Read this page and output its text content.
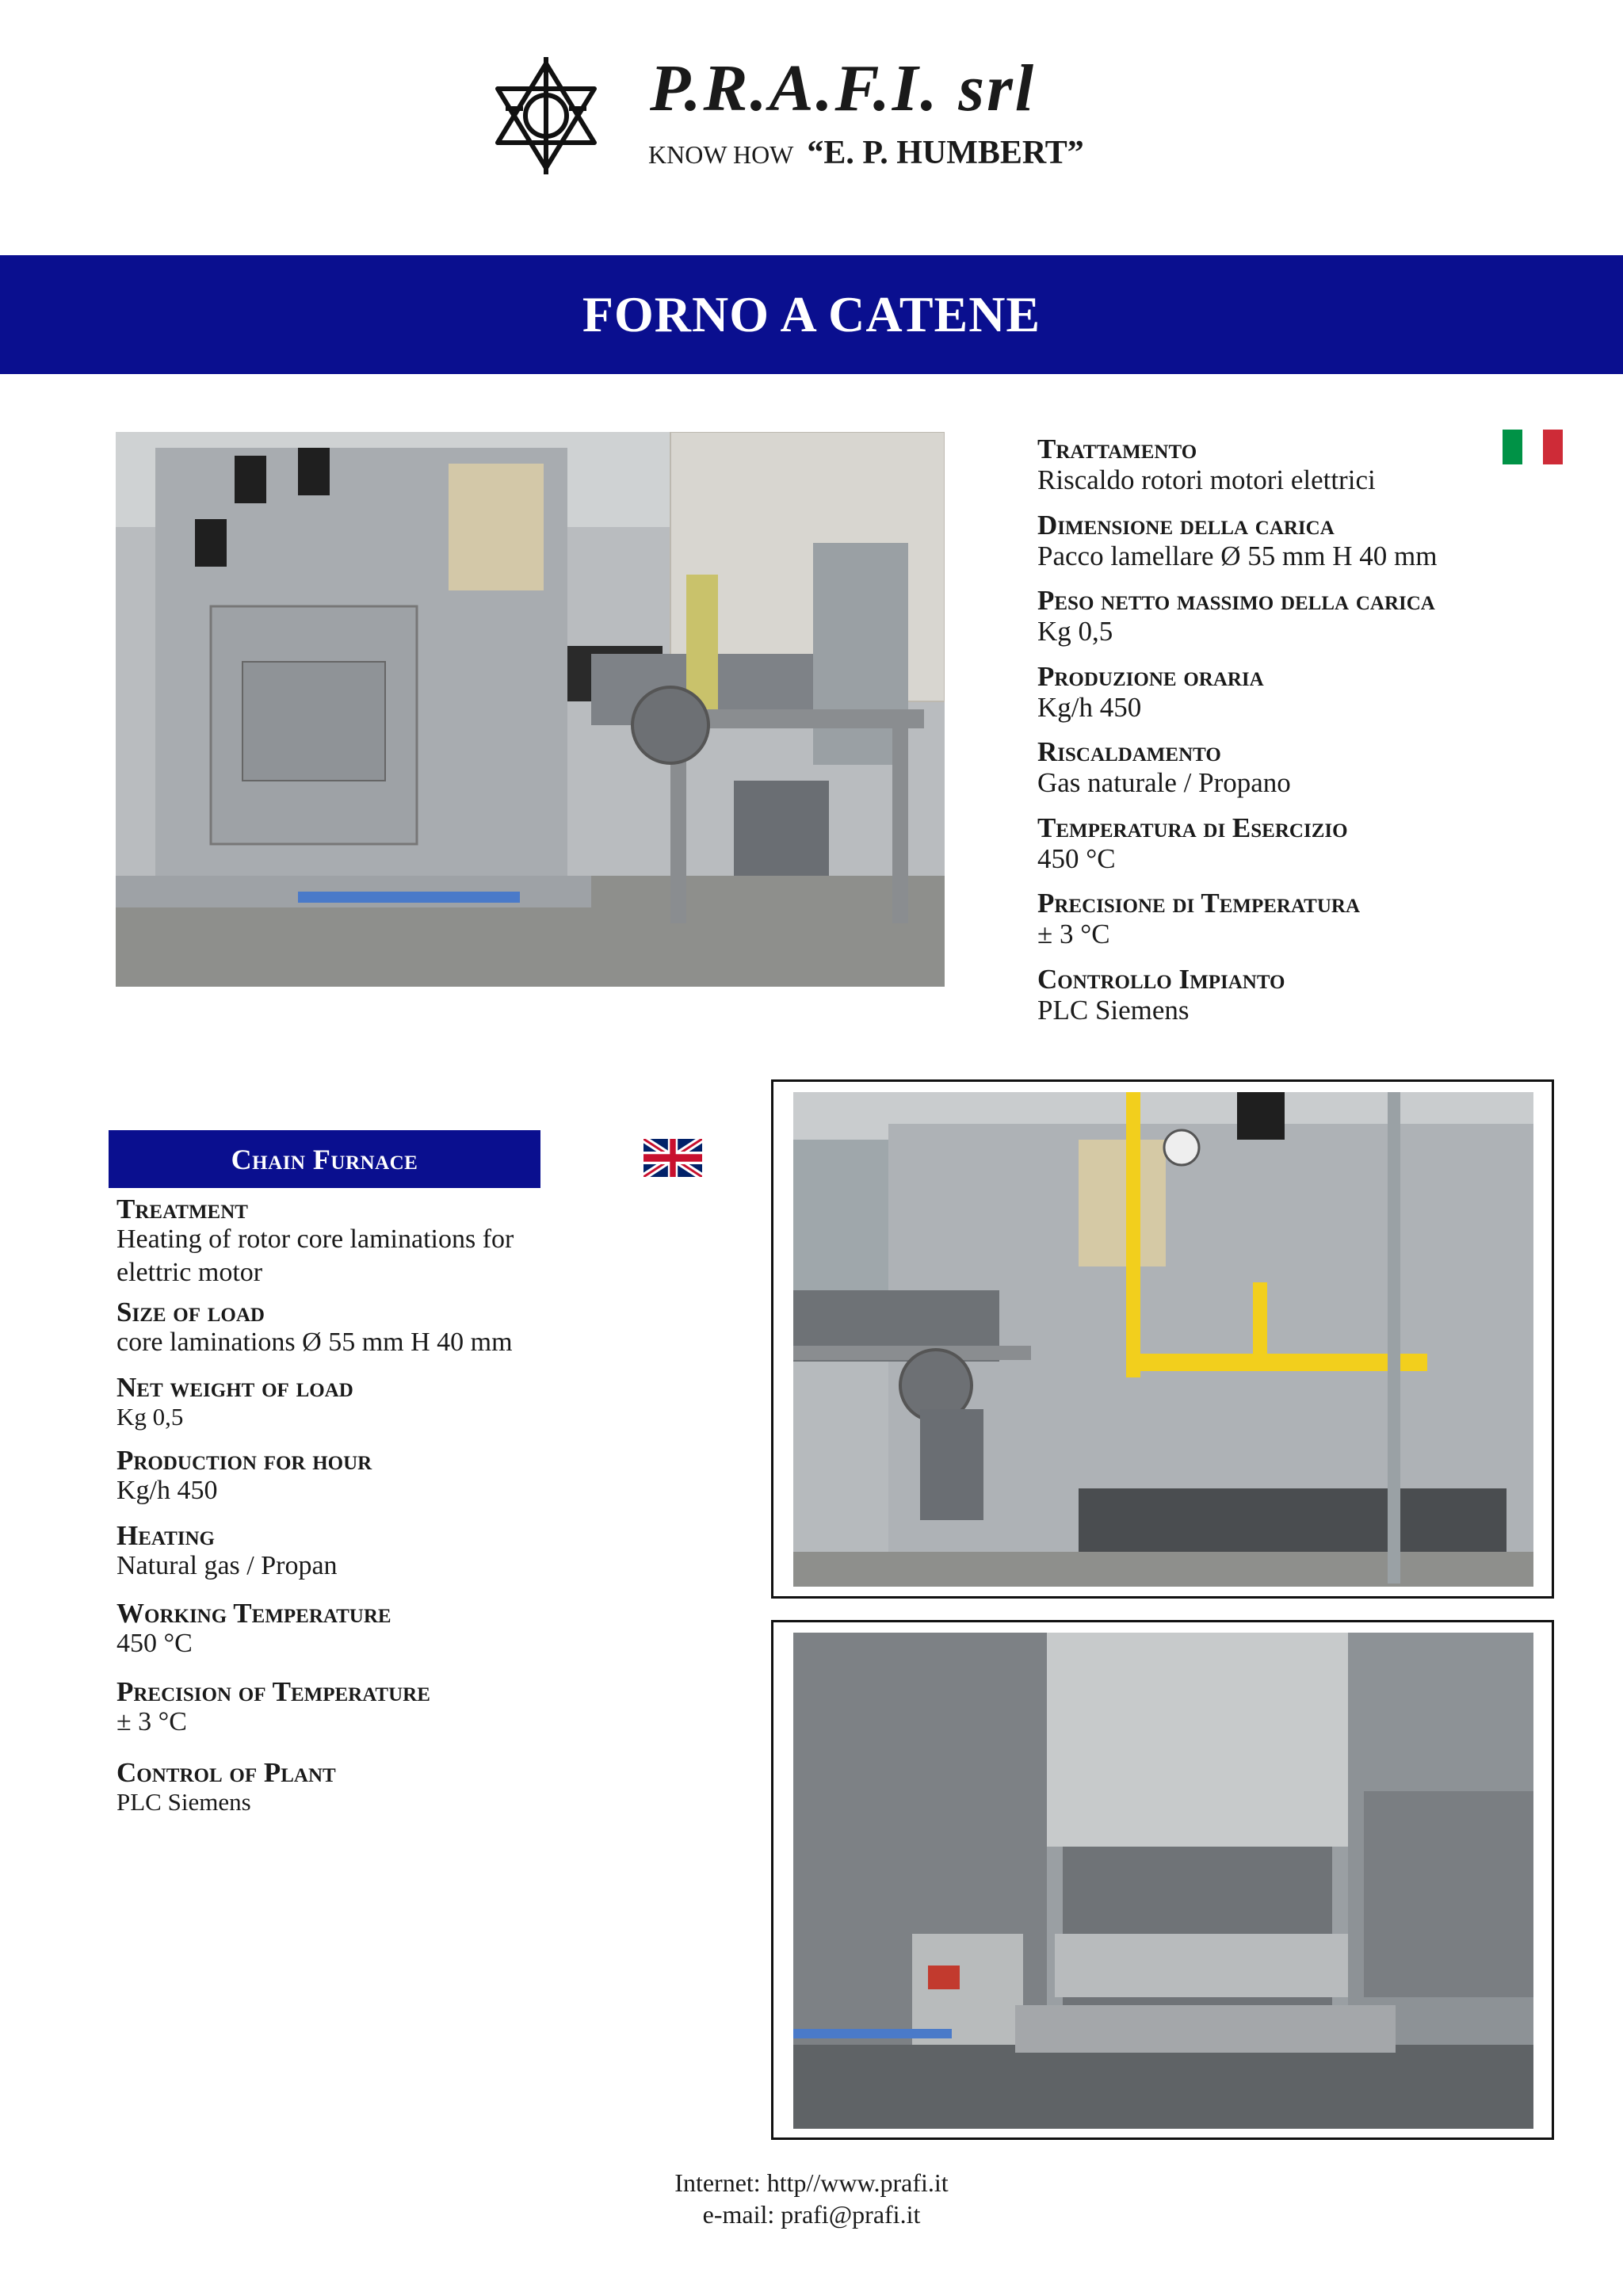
P.R.A.F.I. srl
KNOW HOW “E. P. HUMBERT”
FORNO A CATENE
Trattamento
Riscaldo rotori motori elettrici
Dimensione della carica
Pacco lamellare Ø 55 mm H 40 mm
Peso netto massimo della carica
Kg 0,5
Produzione oraria
Kg/h 450
Riscaldamento
Gas naturale / Propano
Temperatura di Esercizio
450 °C
Precisione di Temperatura
± 3 °C
Controllo Impianto
PLC Siemens
Chain Furnace
Treatment
Heating of rotor core laminations for
elettric motor
Size of load
core laminations Ø 55 mm H 40 mm
Net weight of load
Kg 0,5
Production for hour
Kg/h 450
Heating
Natural gas / Propan
Working Temperature
450 °C
Precision of Temperature
± 3 °C
Control of Plant
PLC Siemens
Internet: http//www.prafi.it
e-mail: prafi@prafi.it
